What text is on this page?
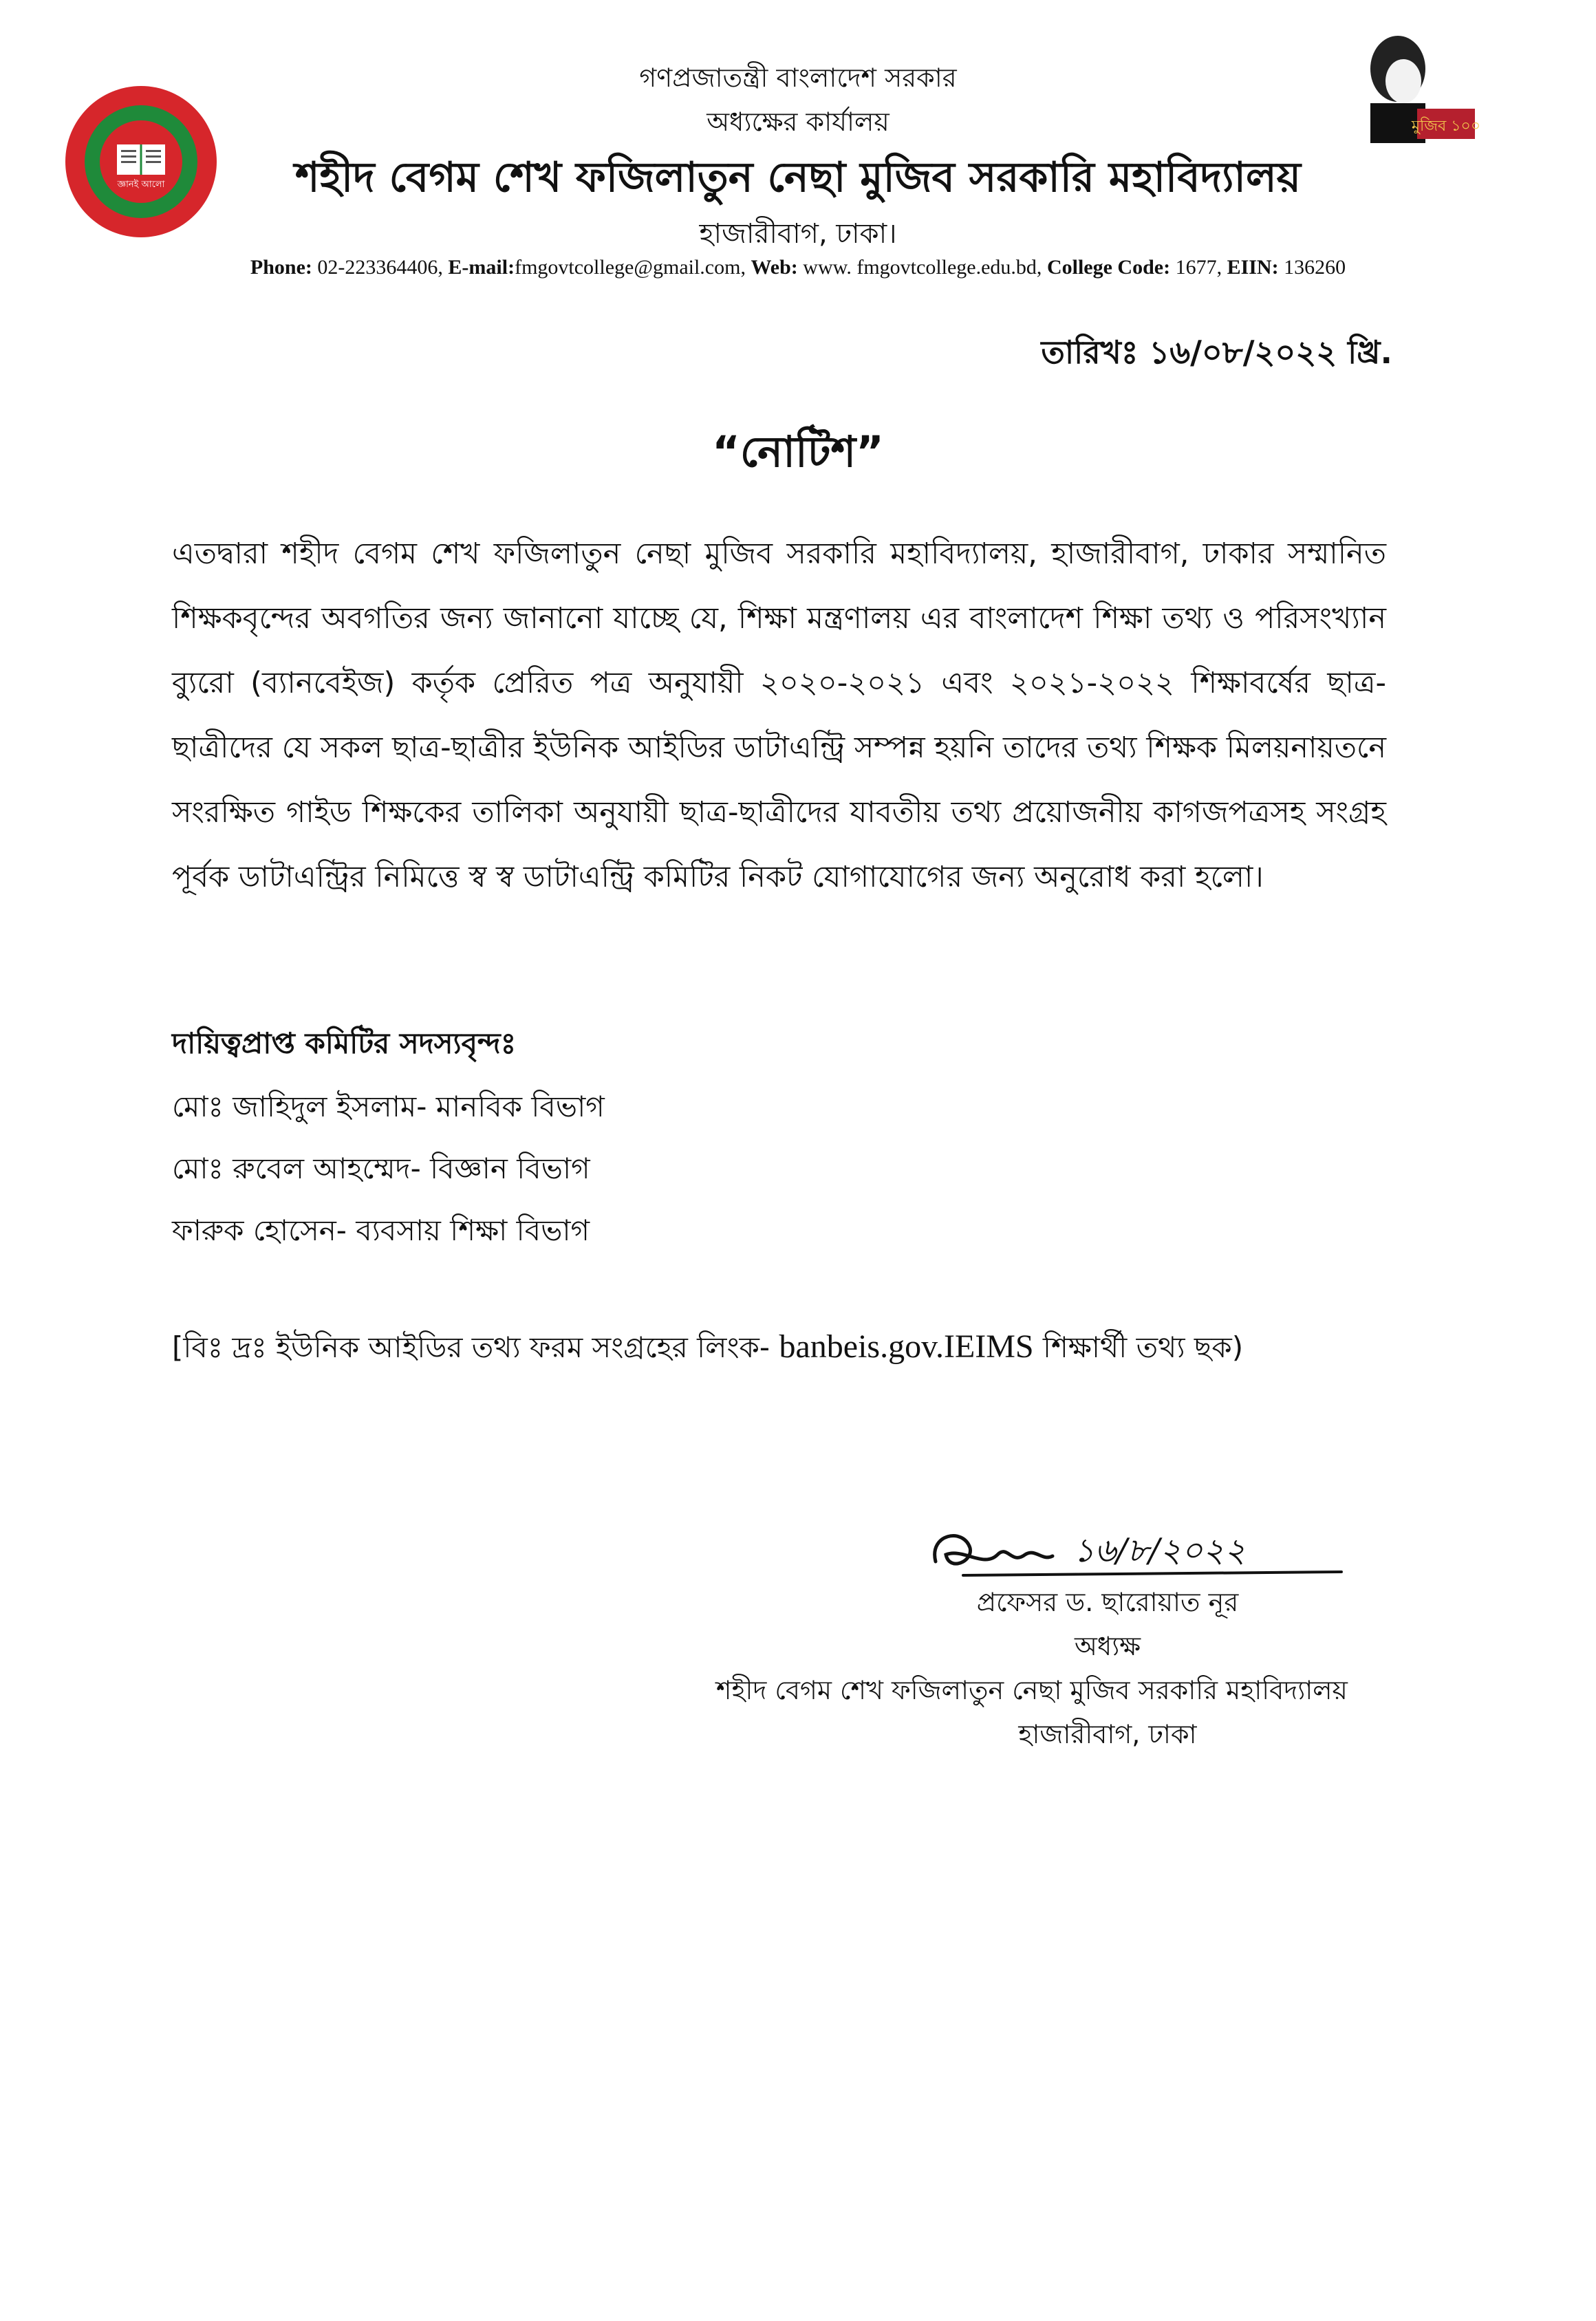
জ্ঞানই আলো
মুজিব ১০০
গণপ্রজাতন্ত্রী বাংলাদেশ সরকার
অধ্যক্ষের কার্যালয়
শহীদ বেগম শেখ ফজিলাতুন নেছা মুজিব সরকারি মহাবিদ্যালয়
হাজারীবাগ, ঢাকা।
Phone: 02-223364406, E-mail:fmgovtcollege@gmail.com, Web: www. fmgovtcollege.edu.bd, College Code: 1677, EIIN: 136260
তারিখঃ ১৬/০৮/২০২২ খ্রি.
“নোটিশ”
এতদ্বারা শহীদ বেগম শেখ ফজিলাতুন নেছা মুজিব সরকারি মহাবিদ্যালয়, হাজারীবাগ, ঢাকার সম্মানিত শিক্ষকবৃন্দের অবগতির জন্য জানানো যাচ্ছে যে, শিক্ষা মন্ত্রণালয় এর বাংলাদেশ শিক্ষা তথ্য ও পরিসংখ্যান ব্যুরো (ব্যানবেইজ) কর্তৃক প্রেরিত পত্র অনুযায়ী ২০২০-২০২১ এবং ২০২১-২০২২ শিক্ষাবর্ষের ছাত্র-ছাত্রীদের যে সকল ছাত্র-ছাত্রীর ইউনিক আইডির ডাটাএন্ট্রি সম্পন্ন হয়নি তাদের তথ্য শিক্ষক মিলয়নায়তনে সংরক্ষিত গাইড শিক্ষকের তালিকা অনুযায়ী ছাত্র-ছাত্রীদের যাবতীয় তথ্য প্রয়োজনীয় কাগজপত্রসহ সংগ্রহ পূর্বক ডাটাএন্ট্রির নিমিত্তে স্ব স্ব ডাটাএন্ট্রি কমিটির নিকট যোগাযোগের জন্য অনুরোধ করা হলো।
দায়িত্বপ্রাপ্ত কমিটির সদস্যবৃন্দঃ
মোঃ জাহিদুল ইসলাম- মানবিক বিভাগ
মোঃ রুবেল আহম্মেদ- বিজ্ঞান বিভাগ
ফারুক হোসেন- ব্যবসায় শিক্ষা বিভাগ
[বিঃ দ্রঃ ইউনিক আইডির তথ্য ফরম সংগ্রহের লিংক- banbeis.gov.IEIMS শিক্ষার্থী তথ্য ছক)
১৬/৮/২০২২
প্রফেসর ড. ছারোয়াত নূর
অধ্যক্ষ
শহীদ বেগম শেখ ফজিলাতুন নেছা মুজিব সরকারি মহাবিদ্যালয়
হাজারীবাগ, ঢাকা
